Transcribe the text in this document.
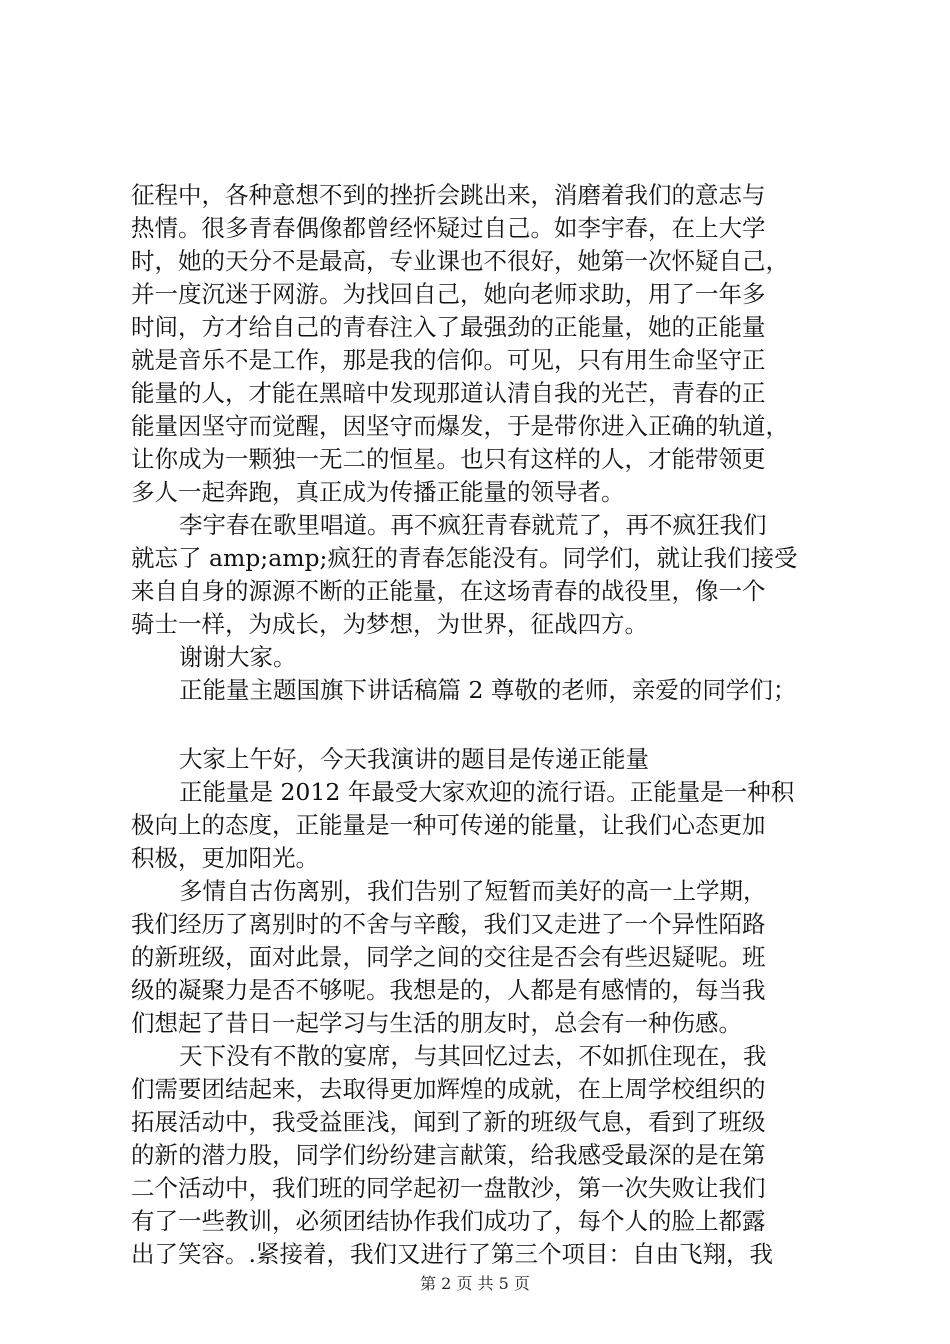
征程中，各种意想不到的挫折会跳出来，消磨着我们的意志与
热情。很多青春偶像都曾经怀疑过自己。如李宇春，在上大学
时，她的天分不是最高，专业课也不很好，她第一次怀疑自己，
并一度沉迷于网游。为找回自己，她向老师求助，用了一年多
时间，方才给自己的青春注入了最强劲的正能量，她的正能量
就是音乐不是工作，那是我的信仰。可见，只有用生命坚守正
能量的人，才能在黑暗中发现那道认清自我的光芒，青春的正
能量因坚守而觉醒，因坚守而爆发，于是带你进入正确的轨道，
让你成为一颗独一无二的恒星。也只有这样的人，才能带领更
多人一起奔跑，真正成为传播正能量的领导者。
李宇春在歌里唱道。再不疯狂青春就荒了，再不疯狂我们
就忘了 amp;amp;疯狂的青春怎能没有。同学们，就让我们接受
来自自身的源源不断的正能量，在这场青春的战役里，像一个
骑士一样，为成长，为梦想，为世界，征战四方。
谢谢大家。
正能量主题国旗下讲话稿篇 2 尊敬的老师，亲爱的同学们；
大家上午好，今天我演讲的题目是传递正能量
正能量是 2012 年最受大家欢迎的流行语。正能量是一种积
极向上的态度，正能量是一种可传递的能量，让我们心态更加
积极，更加阳光。
多情自古伤离别，我们告别了短暂而美好的高一上学期，
我们经历了离别时的不舍与辛酸，我们又走进了一个异性陌路
的新班级，面对此景，同学之间的交往是否会有些迟疑呢。班
级的凝聚力是否不够呢。我想是的，人都是有感情的，每当我
们想起了昔日一起学习与生活的朋友时，总会有一种伤感。
天下没有不散的宴席，与其回忆过去，不如抓住现在，我
们需要团结起来，去取得更加辉煌的成就，在上周学校组织的
拓展活动中，我受益匪浅，闻到了新的班级气息，看到了班级
的新的潜力股，同学们纷纷建言献策，给我感受最深的是在第
二个活动中，我们班的同学起初一盘散沙，第一次失败让我们
有了一些教训，必须团结协作我们成功了，每个人的脸上都露
出了笑容。.紧接着，我们又进行了第三个项目：自由飞翔，我
第 2 页 共 5 页
